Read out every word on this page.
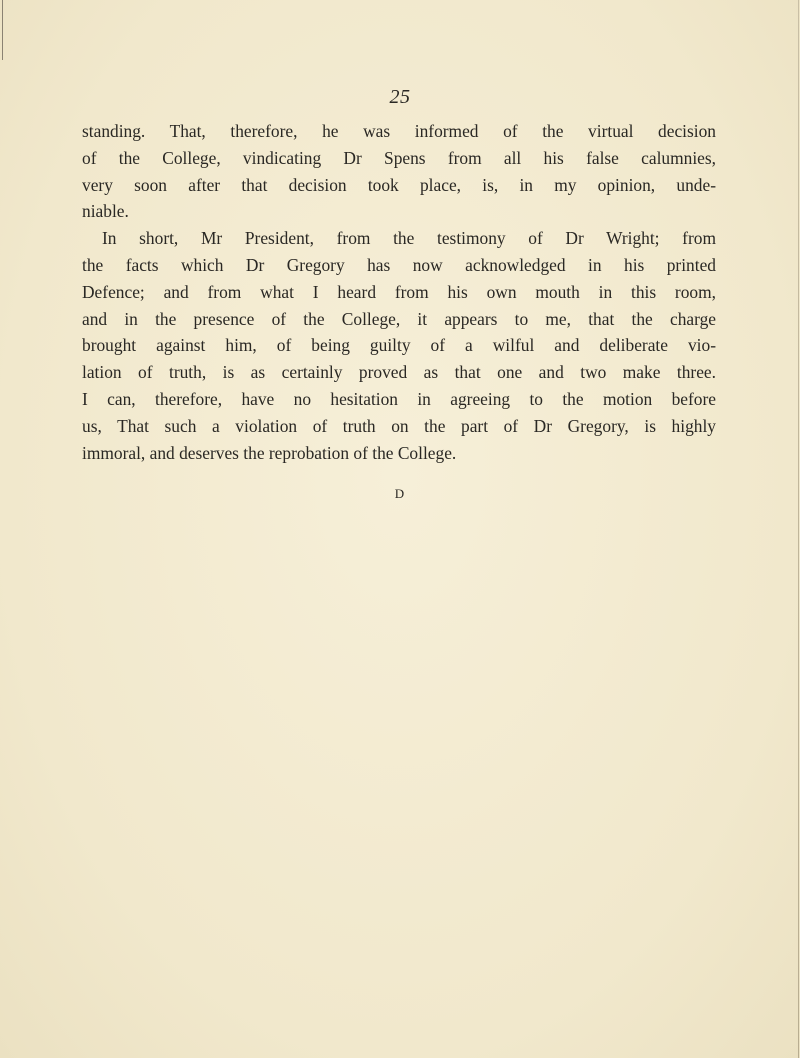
25
standing. That, therefore, he was informed of the virtual decision
of the College, vindicating Dr Spens from all his false calumnies,
very soon after that decision took place, is, in my opinion, unde-
niable.
In short, Mr President, from the testimony of Dr Wright; from
the facts which Dr Gregory has now acknowledged in his printed
Defence; and from what I heard from his own mouth in this room,
and in the presence of the College, it appears to me, that the charge
brought against him, of being guilty of a wilful and deliberate vio-
lation of truth, is as certainly proved as that one and two make three.
I can, therefore, have no hesitation in agreeing to the motion before
us, That such a violation of truth on the part of Dr Gregory, is highly
immoral, and deserves the reprobation of the College.
D
